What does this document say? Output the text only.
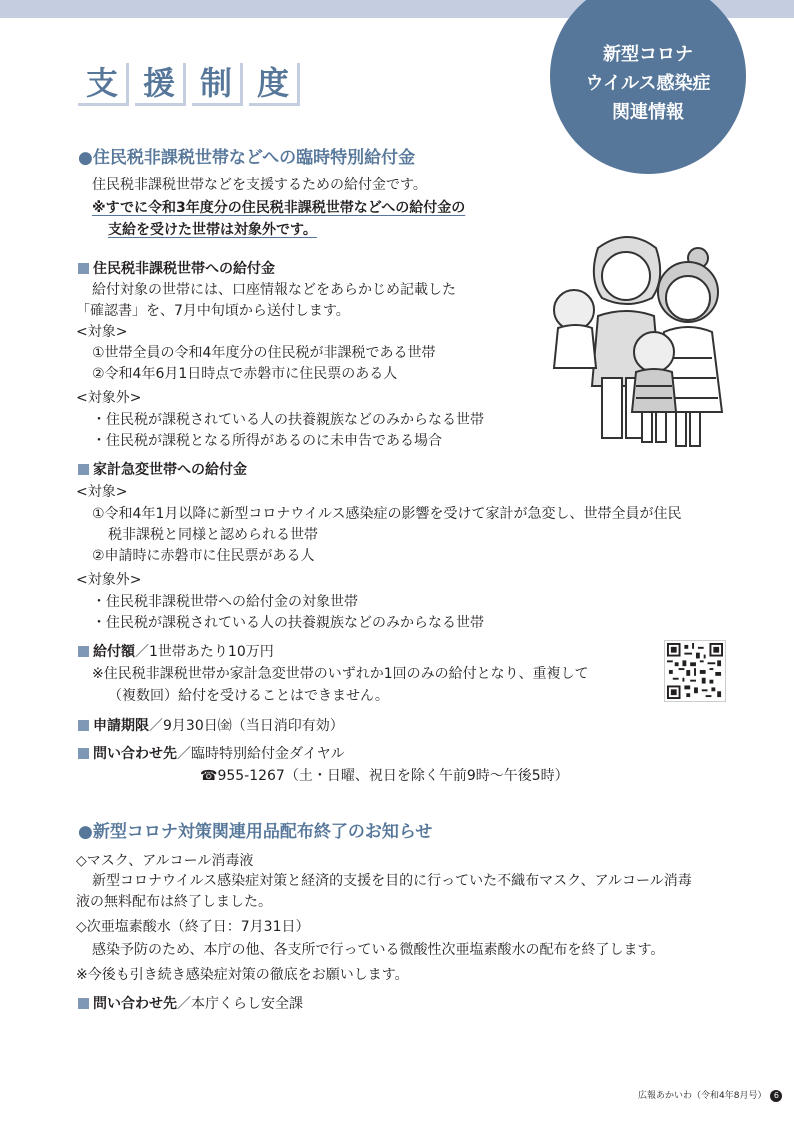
新型コロナ
ウイルス感染症
関連情報
支 援 制 度
●住民税非課税世帯などへの臨時特別給付金
住民税非課税世帯などを支援するための給付金です。
※すでに令和3年度分の住民税非課税世帯などへの給付金の
支給を受けた世帯は対象外です。
住民税非課税世帯への給付金
給付対象の世帯には、口座情報などをあらかじめ記載した
「確認書」を、7月中旬頃から送付します。
<対象>
①世帯全員の令和4年度分の住民税が非課税である世帯
②令和4年6月1日時点で赤磐市に住民票のある人
<対象外>
・住民税が課税されている人の扶養親族などのみからなる世帯
・住民税が課税となる所得があるのに未申告である場合
家計急変世帯への給付金
<対象>
①令和4年1月以降に新型コロナウイルス感染症の影響を受けて家計が急変し、世帯全員が住民
税非課税と同様と認められる世帯
②申請時に赤磐市に住民票がある人
<対象外>
・住民税非課税世帯への給付金の対象世帯
・住民税が課税されている人の扶養親族などのみからなる世帯
給付額／1世帯あたり10万円
※住民税非課税世帯か家計急変世帯のいずれか1回のみの給付となり、重複して
（複数回）給付を受けることはできません。
申請期限／9月30日㈮（当日消印有効）
問い合わせ先／臨時特別給付金ダイヤル
☎955-1267（土・日曜、祝日を除く午前9時〜午後5時）
●新型コロナ対策関連用品配布終了のお知らせ
◇マスク、アルコール消毒液
新型コロナウイルス感染症対策と経済的支援を目的に行っていた不織布マスク、アルコール消毒
液の無料配布は終了しました。
◇次亜塩素酸水（終了日：7月31日）
感染予防のため、本庁の他、各支所で行っている微酸性次亜塩素酸水の配布を終了します。
※今後も引き続き感染症対策の徹底をお願いします。
問い合わせ先／本庁くらし安全課
広報あかいわ（令和4年8月号） 6
